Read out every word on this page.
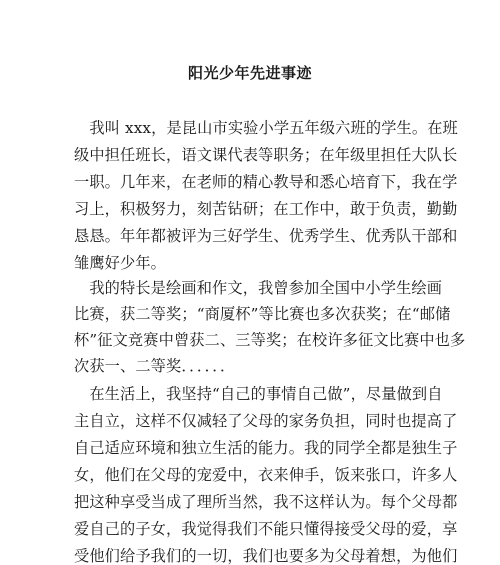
阳光少年先进事迹
　我叫 xxx，是昆山市实验小学五年级六班的学生。在班
级中担任班长，语文课代表等职务；在年级里担任大队长
一职。几年来，在老师的精心教导和悉心培育下，我在学
习上，积极努力，刻苦钻研；在工作中，敢于负责，勤勤
恳恳。年年都被评为三好学生、优秀学生、优秀队干部和
雏鹰好少年。
　我的特长是绘画和作文，我曾参加全国中小学生绘画
比赛，获二等奖；“商厦杯”等比赛也多次获奖；在“邮储
杯”征文竞赛中曾获二、三等奖；在校许多征文比赛中也多
次获一、二等奖．．．．．．
　在生活上，我坚持“自己的事情自己做”，尽量做到自
主自立，这样不仅减轻了父母的家务负担，同时也提高了
自己适应环境和独立生活的能力。我的同学全都是独生子
女，他们在父母的宠爱中，衣来伸手，饭来张口，许多人
把这种享受当成了理所当然，我不这样认为。每个父母都
爱自己的子女，我觉得我们不能只懂得接受父母的爱，享
受他们给予我们的一切，我们也要多为父母着想，为他们
